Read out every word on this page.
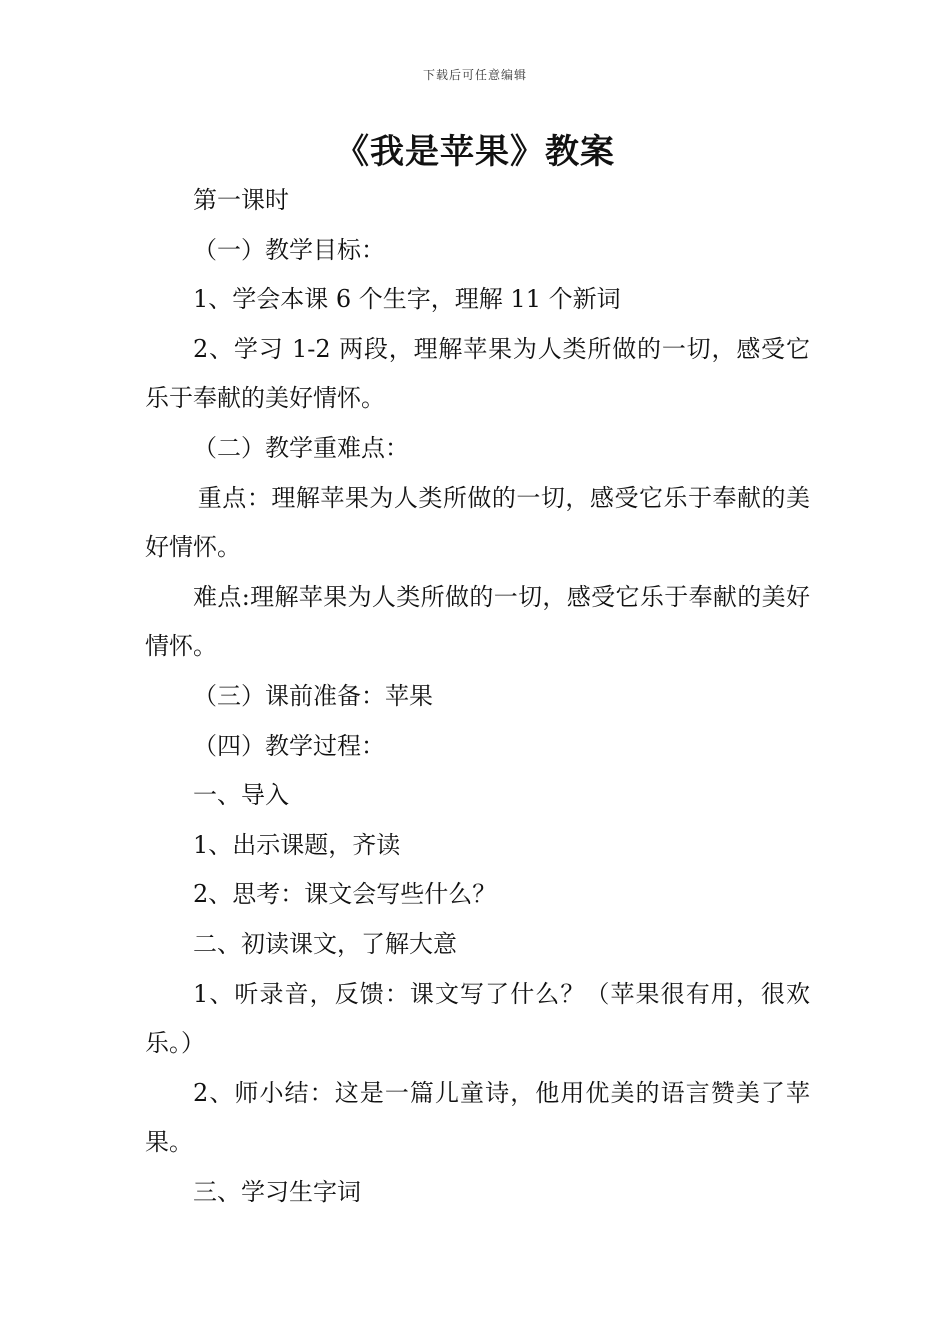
下载后可任意编辑
《我是苹果》教案

第一课时

（一）教学目标：

1、学会本课 6 个生字，理解 11 个新词

2、学习 1-2 两段，理解苹果为人类所做的一切，感受它乐于奉献的美好情怀。

（二）教学重难点：

重点：理解苹果为人类所做的一切，感受它乐于奉献的美好情怀。

难点:理解苹果为人类所做的一切，感受它乐于奉献的美好情怀。

（三）课前准备：苹果

（四）教学过程：

一、导入

1、出示课题，齐读

2、思考：课文会写些什么？

二、初读课文，了解大意

1、听录音，反馈：课文写了什么？（苹果很有用，很欢乐。）

2、师小结：这是一篇儿童诗，他用优美的语言赞美了苹果。

三、学习生字词
